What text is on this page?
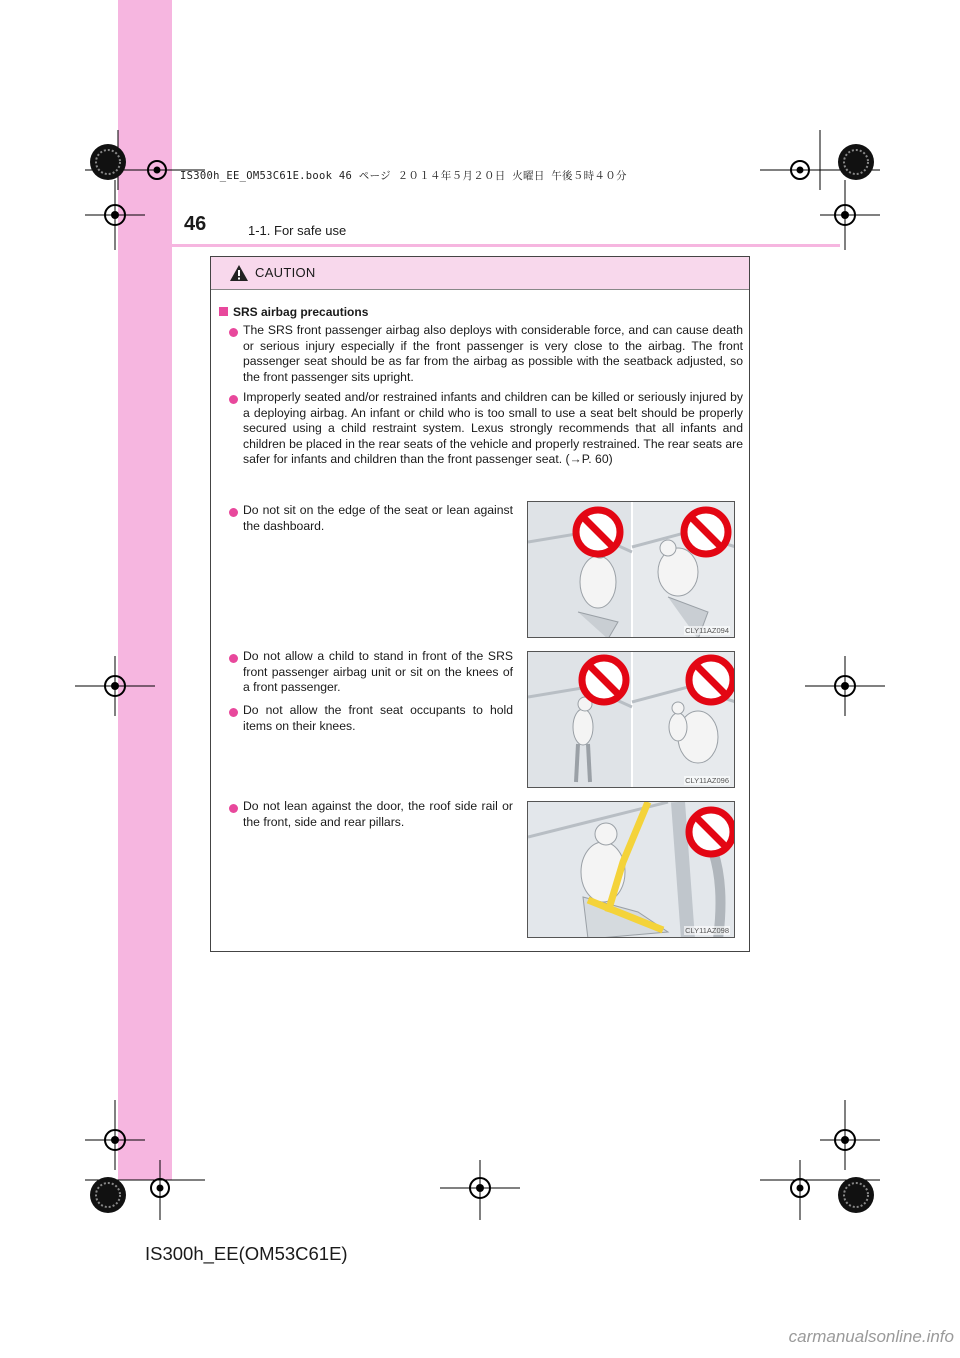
IS300h_EE_OM53C61E.book 46 ページ ２０１４年５月２０日 火曜日 午後５時４０分
46	1-1. For safe use
CAUTION
SRS airbag precautions
The SRS front passenger airbag also deploys with considerable force, and can cause death or serious injury especially if the front passenger is very close to the airbag. The front passenger seat should be as far from the airbag as possible with the seatback adjusted, so the front passenger sits upright.
Improperly seated and/or restrained infants and children can be killed or seriously injured by a deploying airbag. An infant or child who is too small to use a seat belt should be properly secured using a child restraint system. Lexus strongly recommends that all infants and children be placed in the rear seats of the vehicle and properly restrained. The rear seats are safer for infants and children than the front passenger seat. (→P. 60)
Do not sit on the edge of the seat or lean against the dashboard.
CLY11AZ094
Do not allow a child to stand in front of the SRS front passenger airbag unit or sit on the knees of a front passenger.
Do not allow the front seat occupants to hold items on their knees.
CLY11AZ096
Do not lean against the door, the roof side rail or the front, side and rear pillars.
CLY11AZ098
IS300h_EE(OM53C61E)
carmanualsonline.info
